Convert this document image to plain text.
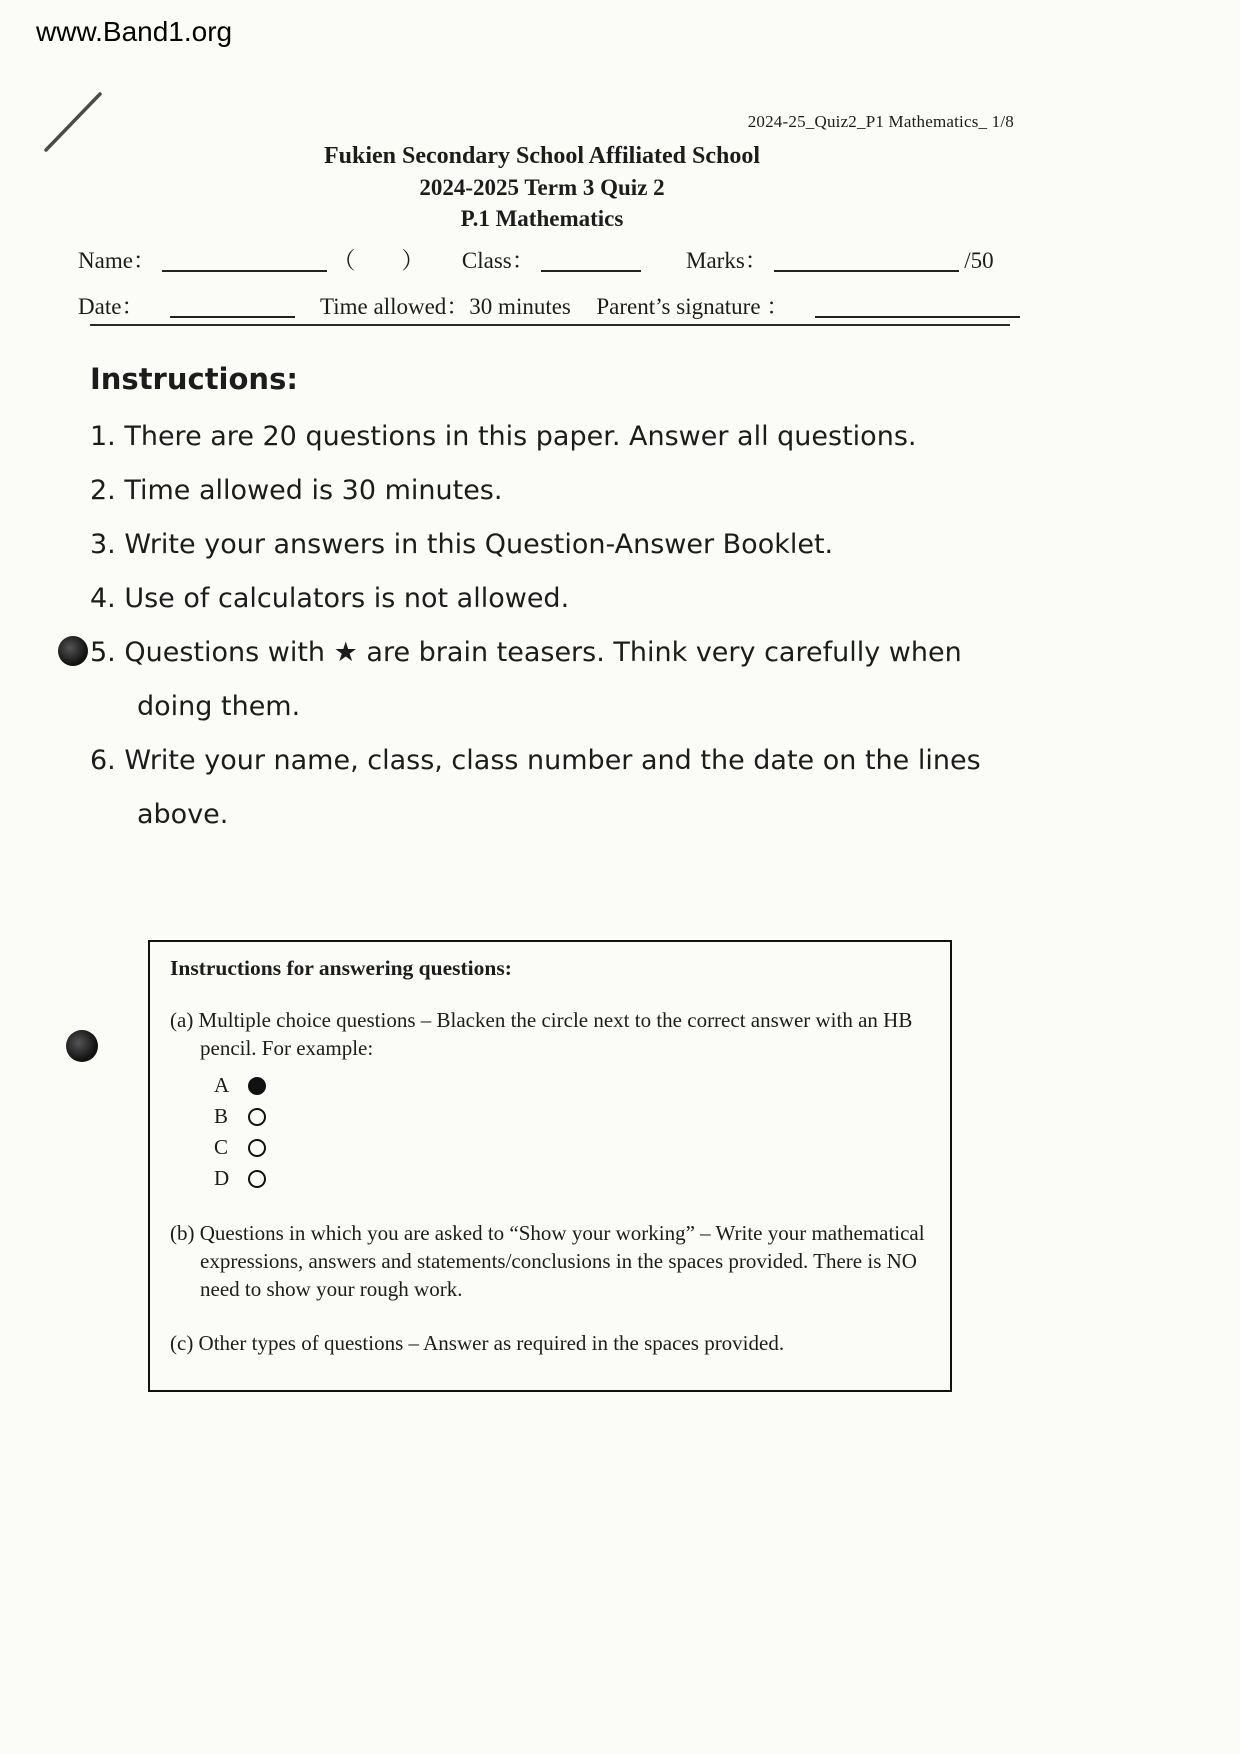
www.Band1.org
2024-25_Quiz2_P1 Mathematics_ 1/8
Fukien Secondary School Affiliated School
2024-2025 Term 3 Quiz 2
P.1 Mathematics
Name：	（ ） Class：	Marks：	/50
Date：	Time allowed：30 minutes Parent’s signature ：
Instructions:
1. There are 20 questions in this paper. Answer all questions.
2. Time allowed is 30 minutes.
3. Write your answers in this Question-Answer Booklet.
4. Use of calculators is not allowed.
5. Questions with ★ are brain teasers. Think very carefully when doing them.
6. Write your name, class, class number and the date on the lines above.
Instructions for answering questions:
(a) Multiple choice questions – Blacken the circle next to the correct answer with an HB pencil. For example:
A
B
C
D
(b) Questions in which you are asked to “Show your working” – Write your mathematical expressions, answers and statements/conclusions in the spaces provided. There is NO need to show your rough work.
(c) Other types of questions – Answer as required in the spaces provided.
